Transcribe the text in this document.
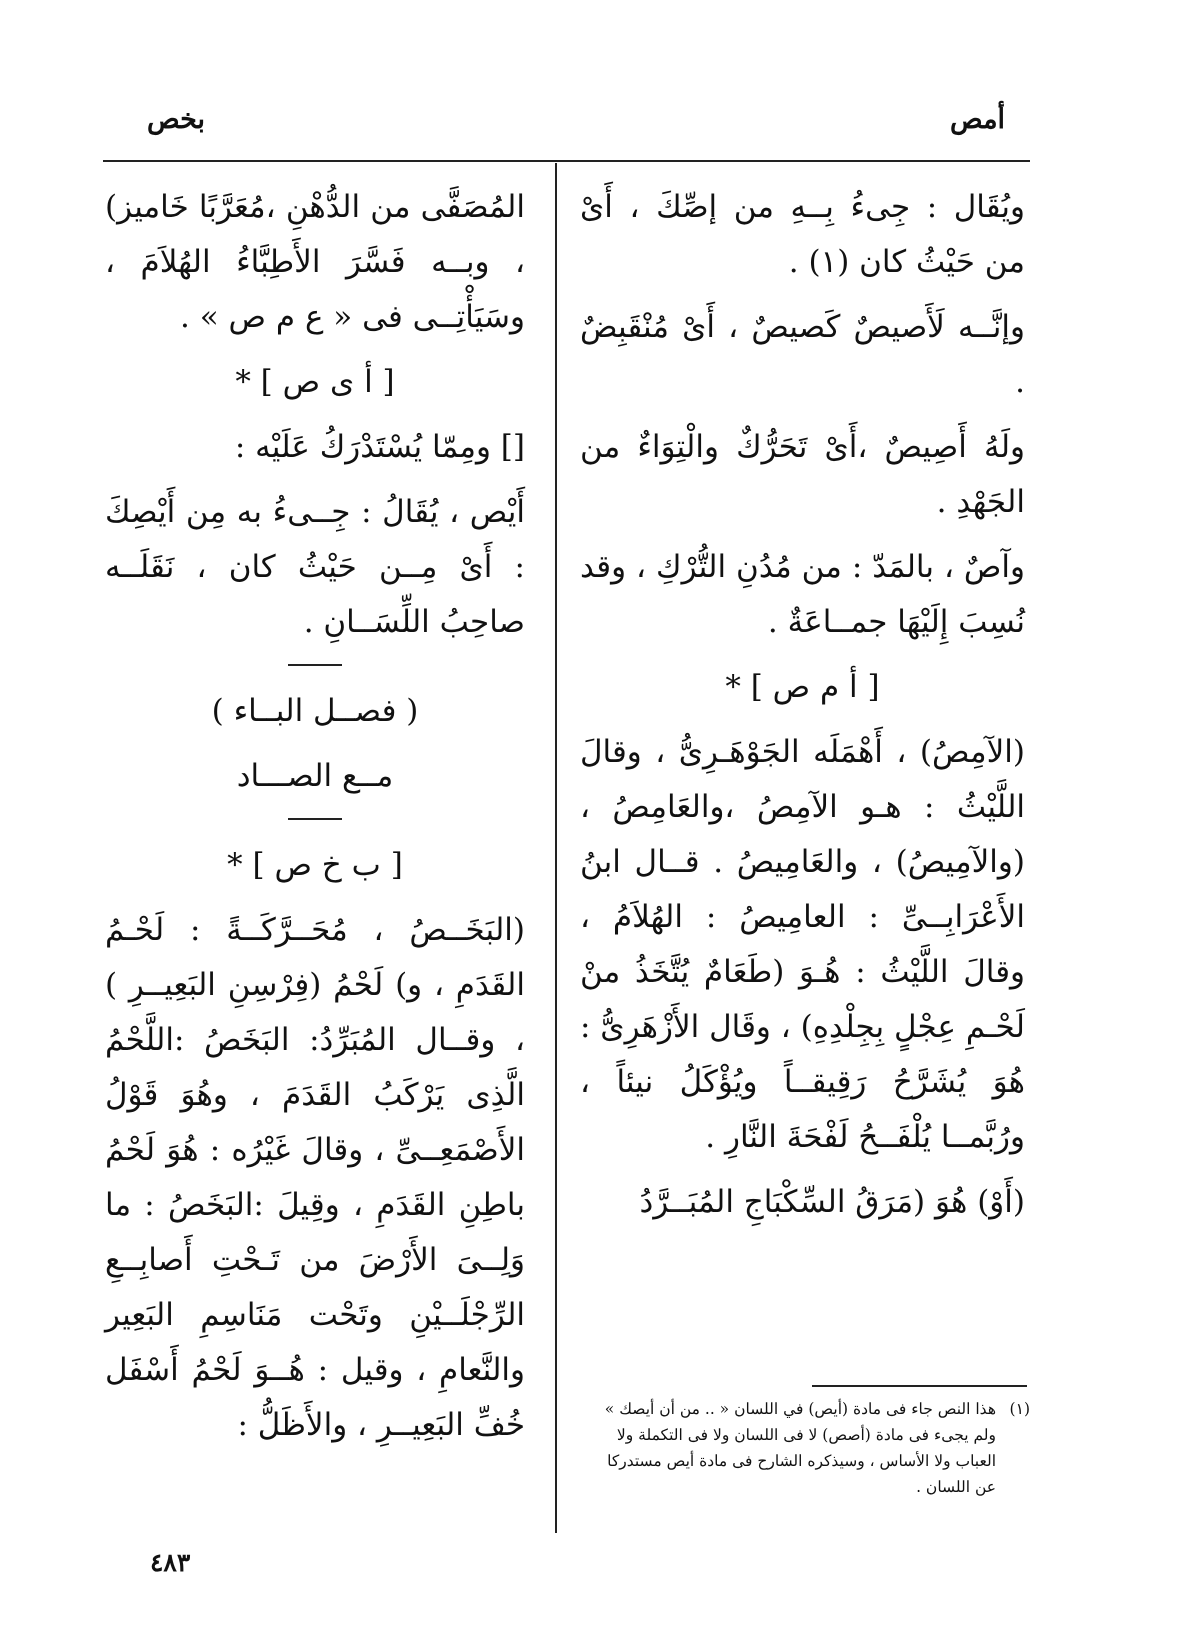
أمص
بخص

ويُقَال : جِىءُ بِــهِ من إصِّكَ ، أَىْ من حَيْثُ كان (١) .

وإنَّــه لَأَصيصٌ كَصيصٌ ، أَىْ مُنْقَبِضٌ .

ولَهُ أَصِيصٌ ،أَىْ تَحَرُّكٌ والْتِوَاءٌ من الجَهْدِ .

وآصٌ ، بالمَدّ : من مُدُنِ التُّرْكِ ، وقد نُسِبَ إِلَيْهَا جمــاعَةٌ .

[ أ م ص ] *

(الآمِصُ) ، أَهْمَلَه الجَوْهَـرِىُّ ، وقالَ اللَّيْثُ : هـو الآمِصُ ،والعَامِصُ ، (والآمِيصُ) ، والعَامِيصُ . قــال ابنُ الأَعْرَابِــىِّ : العامِيصُ : الهُلاَمُ ، وقالَ اللَّيْثُ : هُـوَ (طَعَامٌ يُتَّخَذُ منْ لَحْـمِ عِجْلٍ بِجِلْدِهِ) ، وقَال الأَزْهَرِىُّ : هُوَ يُشَرَّحُ رَقِيقــاً ويُؤْكَلُ نيئاً ، ورُبَّمــا يُلْفَــحُ لَفْحَةَ النَّارِ .

(أَوْ) هُوَ (مَرَقُ السِّكْبَاجِ المُبَــرَّدُ

المُصَفَّى من الدُّهْنِ ،مُعَرَّبًا خَاميز) ، وبــه فَسَّرَ الأَطِبَّاءُ الهُلاَمَ ، وسَيَأْتِــى فى « ع م ص » .

[ أ ى ص ] *

[] ومِمّا يُسْتَدْرَكُ عَلَيْه :

أَيْص ، يُقَالُ : جِــىءُ به مِن أَيْصِكَ : أَىْ مِــن حَيْثُ كان ، نَقَلَــه صاحِبُ اللِّسَــانِ .

( فصــل البــاء )

مــع الصـــاد

[ ب خ ص ] *

(البَخَــصُ ، مُحَــرَّكَــةً : لَحْـمُ القَدَمِ ، و) لَحْمُ (فِرْسِنِ البَعِيــرِ ) ، وقــال المُبَرِّدُ: البَخَصُ :اللَّحْمُ الَّذِى يَرْكَبُ القَدَمَ ، وهُوَ قَوْلُ الأَصْمَعِــىِّ ، وقالَ غَيْرُه : هُوَ لَحْمُ باطِنِ القَدَمِ ، وقِيلَ :البَخَصُ : ما وَلِــىَ الأَرْضَ من تَـحْتِ أَصابِــعِ الرِّجْلَــيْنِ وتَحْت مَنَاسِمِ البَعِير والنَّعامِ ، وقيل : هُــوَ لَحْمُ أَسْفَل خُفِّ البَعِيــرِ ، والأَظَلُّ :	(١)
هذا النص جاء فى مادة (أيص) في اللسان « .. من أن أيصك » ولم يجىء فى مادة (أصص) لا فى اللسان ولا فى التكملة ولا العباب ولا الأساس ، وسيذكره الشارح فى مادة أيص مستدركا عن اللسان .
٤٨٣
